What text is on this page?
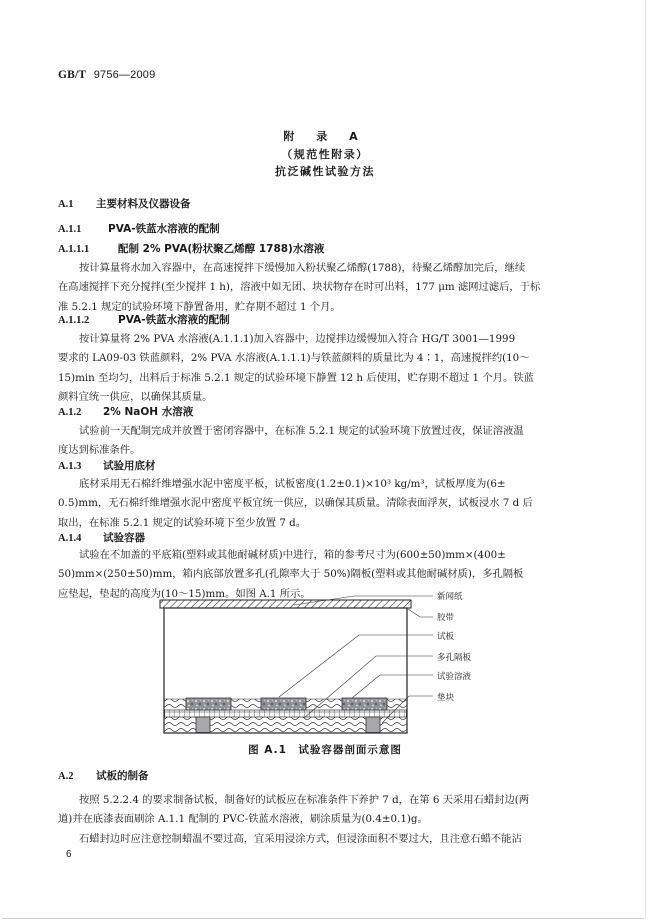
GB/T 9756—2009
附 录 A
（规范性附录）
抗泛碱性试验方法
A.1 主要材料及仪器设备
A.1.1	PVA-铁蓝水溶液的配制
A.1.1.1	配制 2% PVA(粉状聚乙烯醇 1788)水溶液
按计算量将水加入容器中，在高速搅拌下缓慢加入粉状聚乙烯醇(1788)，待聚乙烯醇加完后，继续
在高速搅拌下充分搅拌(至少搅拌 1 h)，溶液中如无团、块状物存在时可出料，177 μm 滤网过滤后，于标
准 5.2.1 规定的试验环境下静置备用，贮存期不超过 1 个月。
A.1.1.2	PVA-铁蓝水溶液的配制
按计算量将 2% PVA 水溶液(A.1.1.1)加入容器中，边搅拌边缓慢加入符合 HG/T 3001—1999
要求的 LA09-03 铁蓝颜料，2% PVA 水溶液(A.1.1.1)与铁蓝颜料的质量比为 4∶1，高速搅拌约(10～
15)min 至均匀，出料后于标准 5.2.1 规定的试验环境下静置 12 h 后使用，贮存期不超过 1 个月。铁蓝
颜料宜统一供应，以确保其质量。
A.1.2 2% NaOH 水溶液
试验前一天配制完成并放置于密闭容器中，在标准 5.2.1 规定的试验环境下放置过夜，保证溶液温
度达到标准条件。
A.1.3 试验用底材
底材采用无石棉纤维增强水泥中密度平板，试板密度(1.2±0.1)×10³ kg/m³，试板厚度为(6±
0.5)mm，无石棉纤维增强水泥中密度平板宜统一供应，以确保其质量。清除表面浮灰，试板浸水 7 d 后
取出，在标准 5.2.1 规定的试验环境下至少放置 7 d。
A.1.4 试验容器
试验在不加盖的平底箱(塑料或其他耐碱材质)中进行，箱的参考尺寸为(600±50)mm×(400±
50)mm×(250±50)mm，箱内底部放置多孔(孔隙率大于 50%)隔板(塑料或其他耐碱材质)，多孔隔板
应垫起，垫起的高度为(10～15)mm。如图 A.1 所示。	新闻纸
胶带
试板
多孔隔板
试验溶液
垫块
图 A.1　试验容器剖面示意图
A.2 试板的制备
按照 5.2.2.4 的要求制备试板，制备好的试板应在标准条件下养护 7 d，在第 6 天采用石蜡封边(两
道)并在底漆表面刷涂 A.1.1 配制的 PVC-铁蓝水溶液，刷涂质量为(0.4±0.1)g。
石蜡封边时应注意控制蜡温不要过高，宜采用浸涂方式，但浸涂面积不要过大，且注意石蜡不能沾
6
